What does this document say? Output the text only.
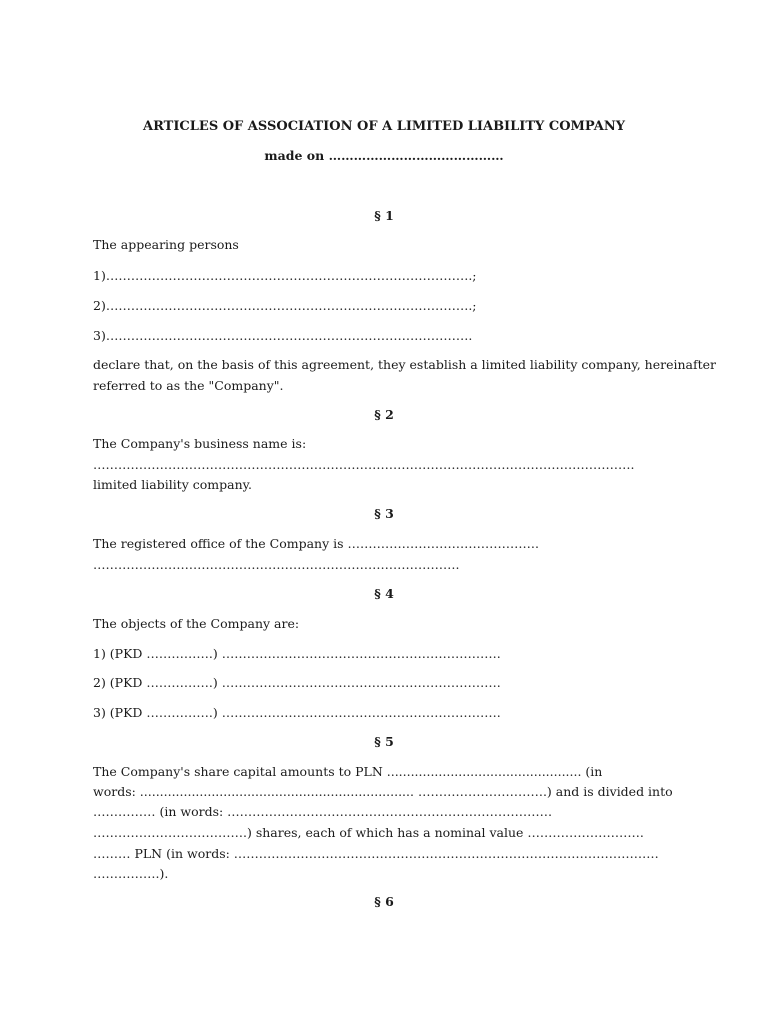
ARTICLES OF ASSOCIATION OF A LIMITED LIABILITY COMPANY
made on ……………………………………
§ 1
The appearing persons
1)…………………………………………………………………………….;
2)…………………………………………………………………………….;
3)…………………………………………………………………………….
declare that, on the basis of this agreement, they establish a limited liability company, hereinafter
referred to as the "Company".
§ 2
The Company's business name is:
………………………………………………………………………………………………………………….
limited liability company.
§ 3
The registered office of the Company is ……………………………………….
…………………………………………………………………………….
§ 4
The objects of the Company are:
1) (PKD …………….) ………………………………………………………….
2) (PKD …………….) ………………………………………………………….
3) (PKD …………….) ………………………………………………………….
§ 5
The Company's share capital amounts to PLN ................................................. (in
words: ..................................................................... ………………………….) and is divided into
…………… (in words: ……………………………………………………………………
……………………………….) shares, each of which has a nominal value ……………………….
……… PLN (in words: …………………………………………………………………………………………
…………….).
§ 6
